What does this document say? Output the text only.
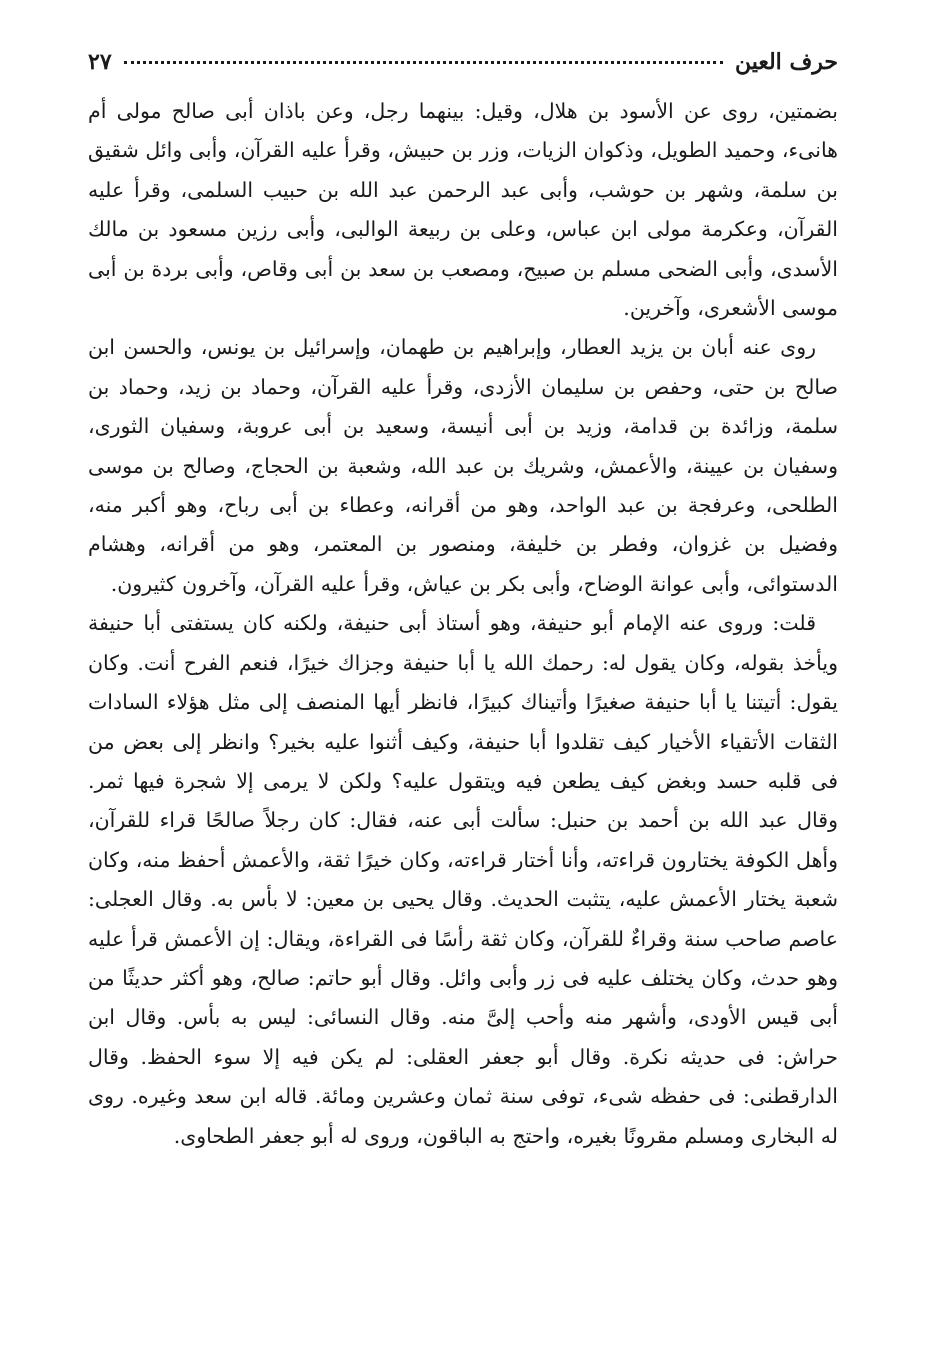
حرف العين
٢٧

بضمتين، روى عن الأسود بن هلال، وقيل: بينهما رجل، وعن باذان أبى صالح مولى أم هانىء، وحميد الطويل، وذكوان الزيات، وزر بن حبيش، وقرأ عليه القرآن، وأبى وائل شقيق بن سلمة، وشهر بن حوشب، وأبى عبد الرحمن عبد الله بن حبيب السلمى، وقرأ عليه القرآن، وعكرمة مولى ابن عباس، وعلى بن ربيعة الوالبى، وأبى رزين مسعود بن مالك الأسدى، وأبى الضحى مسلم بن صبيح، ومصعب بن سعد بن أبى وقاص، وأبى بردة بن أبى موسى الأشعرى، وآخرين.

روى عنه أبان بن يزيد العطار، وإبراهيم بن طهمان، وإسرائيل بن يونس، والحسن ابن صالح بن حتى، وحفص بن سليمان الأزدى، وقرأ عليه القرآن، وحماد بن زيد، وحماد بن سلمة، وزائدة بن قدامة، وزيد بن أبى أنيسة، وسعيد بن أبى عروبة، وسفيان الثورى، وسفيان بن عيينة، والأعمش، وشريك بن عبد الله، وشعبة بن الحجاج، وصالح بن موسى الطلحى، وعرفجة بن عبد الواحد، وهو من أقرانه، وعطاء بن أبى رباح، وهو أكبر منه، وفضيل بن غزوان، وفطر بن خليفة، ومنصور بن المعتمر، وهو من أقرانه، وهشام الدستوائى، وأبى عوانة الوضاح، وأبى بكر بن عياش، وقرأ عليه القرآن، وآخرون كثيرون.

قلت: وروى عنه الإمام أبو حنيفة، وهو أستاذ أبى حنيفة، ولكنه كان يستفتى أبا حنيفة ويأخذ بقوله، وكان يقول له: رحمك الله يا أبا حنيفة وجزاك خيرًا، فنعم الفرح أنت. وكان يقول: أتيتنا يا أبا حنيفة صغيرًا وأتيناك كبيرًا، فانظر أيها المنصف إلى مثل هؤلاء السادات الثقات الأتقياء الأخيار كيف تقلدوا أبا حنيفة، وكيف أثنوا عليه بخير؟ وانظر إلى بعض من فى قلبه حسد وبغض كيف يطعن فيه ويتقول عليه؟ ولكن لا يرمى إلا شجرة فيها ثمر. وقال عبد الله بن أحمد بن حنبل: سألت أبى عنه، فقال: كان رجلاً صالحًا قراء للقرآن، وأهل الكوفة يختارون قراءته، وأنا أختار قراءته، وكان خيرًا ثقة، والأعمش أحفظ منه، وكان شعبة يختار الأعمش عليه، يتثبت الحديث. وقال يحيى بن معين: لا بأس به. وقال العجلى: عاصم صاحب سنة وقراءٌ للقرآن، وكان ثقة رأسًا فى القراءة، ويقال: إن الأعمش قرأ عليه وهو حدث، وكان يختلف عليه فى زر وأبى وائل. وقال أبو حاتم: صالح، وهو أكثر حديثًا من أبى قيس الأودى، وأشهر منه وأحب إلىَّ منه. وقال النسائى: ليس به بأس. وقال ابن حراش: فى حديثه نكرة. وقال أبو جعفر العقلى: لم يكن فيه إلا سوء الحفظ. وقال الدارقطنى: فى حفظه شىء، توفى سنة ثمان وعشرين ومائة. قاله ابن سعد وغيره. روى له البخارى ومسلم مقرونًا بغيره، واحتج به الباقون، وروى له أبو جعفر الطحاوى.
